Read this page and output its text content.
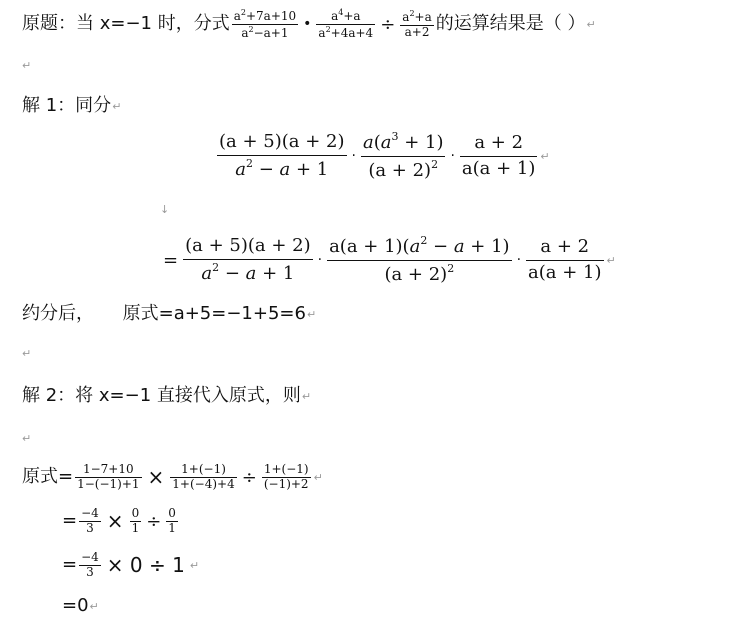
原题：当 x=−1 时，分式 $\frac{a^2+7a+10}{a^2-a+1}$ • $\frac{a^4+a}{a^2+4a+4} \div \frac{a^2+a}{a+2}$ 的运算结果是（ ） ↵
↵
解 1：同分 ↵
$\frac{(a + 5)(a + 2)}{a^2 - a + 1} \cdot \frac{a(a^3 + 1)}{(a + 2)^2} \cdot \frac{a + 2}{a(a + 1)}$ ↵
↓
= $\frac{(a + 5)(a + 2)}{a^2 - a + 1} \cdot \frac{a(a + 1)(a^2 - a + 1)}{(a + 2)^2} \cdot \frac{a + 2}{a(a + 1)}$ ↵
约分后，     原式=a+5=−1+5=6 ↵
↵
解 2：将 x=−1 直接代入原式，则 ↵
↵
原式= $\frac{1-7+10}{1-(-1)+1} \times \frac{1+(-1)}{1+(-4)+4} \div \frac{1+(-1)}{(-1)+2}$ ↵
= $\frac{-4}{3} \times \frac{0}{1} \div \frac{0}{1}$
= $\frac{-4}{3} \times 0 \div 1$ ↵
=0 ↵
